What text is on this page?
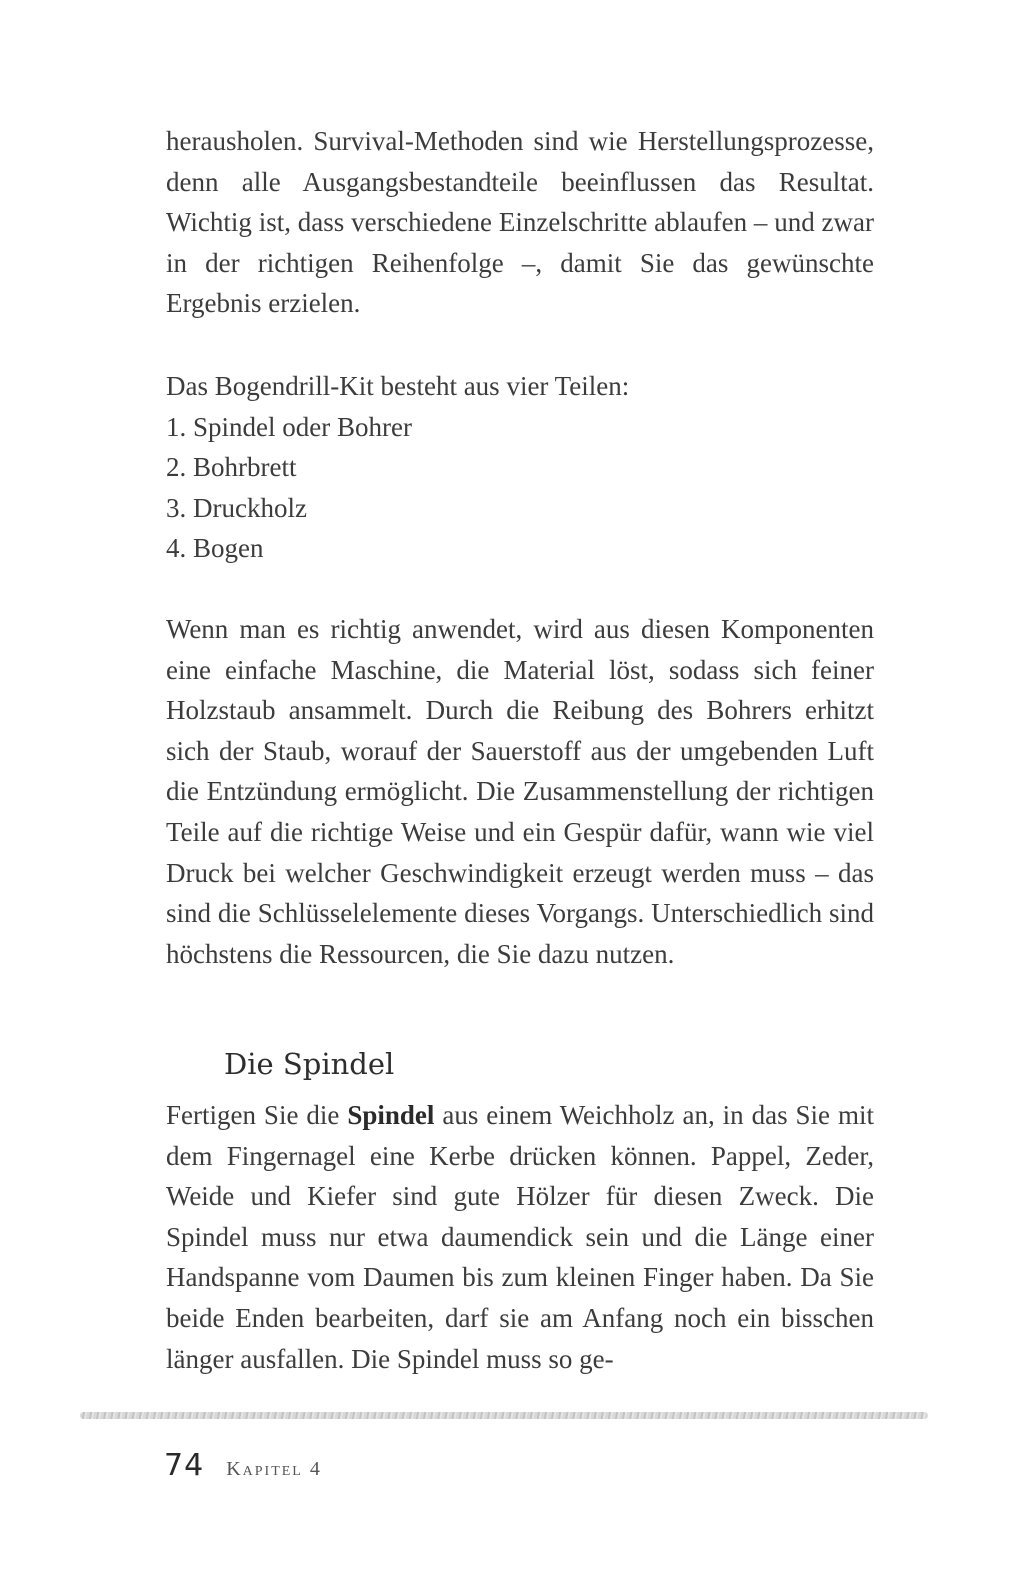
herausholen. Survival-Methoden sind wie Herstellungsprozesse, denn alle Ausgangsbestandteile beeinflussen das Resultat. Wichtig ist, dass verschiedene Einzelschritte ablaufen – und zwar in der richtigen Reihenfolge –, damit Sie das gewünschte Ergebnis erzielen.

Das Bogendrill-Kit besteht aus vier Teilen:

1. Spindel oder Bohrer
2. Bohrbrett
3. Druckholz
4. Bogen

Wenn man es richtig anwendet, wird aus diesen Komponenten eine einfache Maschine, die Material löst, sodass sich feiner Holzstaub ansammelt. Durch die Reibung des Bohrers erhitzt sich der Staub, worauf der Sauerstoff aus der umgebenden Luft die Entzündung ermöglicht. Die Zusammenstellung der richtigen Teile auf die richtige Weise und ein Gespür dafür, wann wie viel Druck bei welcher Geschwindigkeit erzeugt werden muss – das sind die Schlüsselelemente dieses Vorgangs. Unterschiedlich sind höchstens die Ressourcen, die Sie dazu nutzen.

Die Spindel

Fertigen Sie die Spindel aus einem Weichholz an, in das Sie mit dem Fingernagel eine Kerbe drücken können. Pappel, Zeder, Weide und Kiefer sind gute Hölzer für diesen Zweck. Die Spindel muss nur etwa daumendick sein und die Länge einer Handspanne vom Daumen bis zum kleinen Finger haben. Da Sie beide Enden bearbeiten, darf sie am Anfang noch ein bisschen länger ausfallen. Die Spindel muss so ge-

74 Kapitel 4
